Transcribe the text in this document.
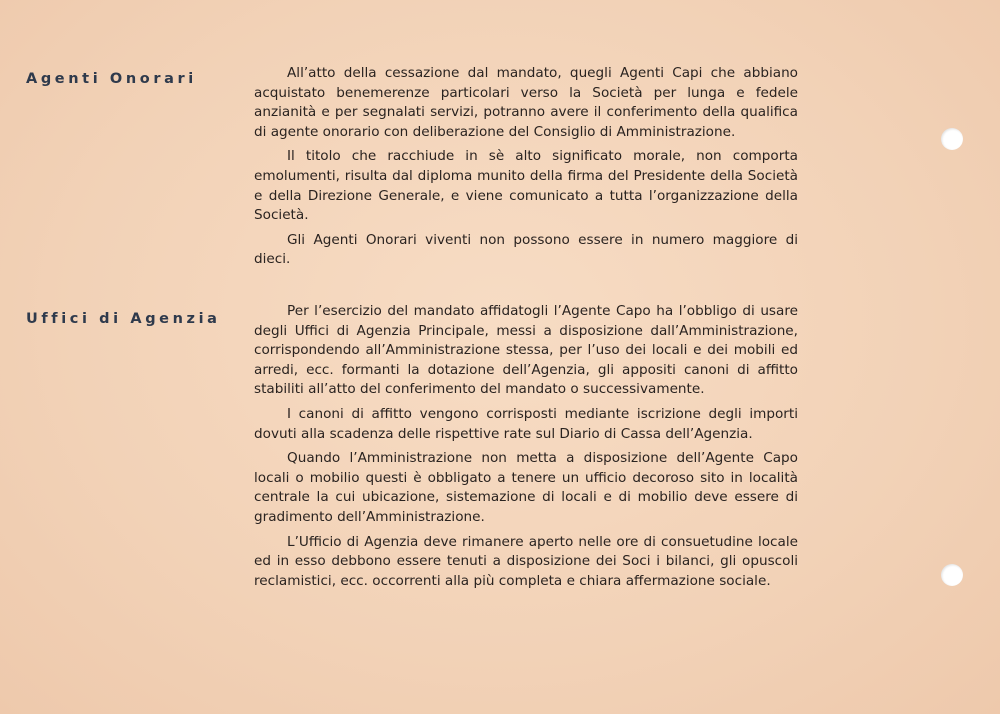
Agenti Onorari	All’atto della cessazione dal mandato, quegli Agenti Capi che abbiano acquistato benemerenze particolari verso la Società per lunga e fedele anzianità e per segnalati servizi, potranno avere il conferimento della qualifica di agente onorario con deliberazione del Consiglio di Amministrazione.

Il titolo che racchiude in sè alto significato morale, non comporta emolumenti, risulta dal diploma munito della firma del Presidente della Società e della Direzione Generale, e viene comunicato a tutta l’organizzazione della Società.

Gli Agenti Onorari viventi non possono essere in numero maggiore di dieci.

Uffici di Agenzia	Per l’esercizio del mandato affidatogli l’Agente Capo ha l’obbligo di usare degli Uffici di Agenzia Principale, messi a disposizione dall’Amministrazione, corrispondendo all’Amministrazione stessa, per l’uso dei locali e dei mobili ed arredi, ecc. formanti la dotazione dell’Agenzia, gli appositi canoni di affitto stabiliti all’atto del conferimento del mandato o successivamente.

I canoni di affitto vengono corrisposti mediante iscrizione degli importi dovuti alla scadenza delle rispettive rate sul Diario di Cassa dell’Agenzia.

Quando l’Amministrazione non metta a disposizione dell’Agente Capo locali o mobilio questi è obbligato a tenere un ufficio decoroso sito in località centrale la cui ubicazione, sistemazione di locali e di mobilio deve essere di gradimento dell’Amministrazione.

L’Ufficio di Agenzia deve rimanere aperto nelle ore di consuetudine locale ed in esso debbono essere tenuti a disposizione dei Soci i bilanci, gli opuscoli reclamistici, ecc. occorrenti alla più completa e chiara affermazione sociale.
